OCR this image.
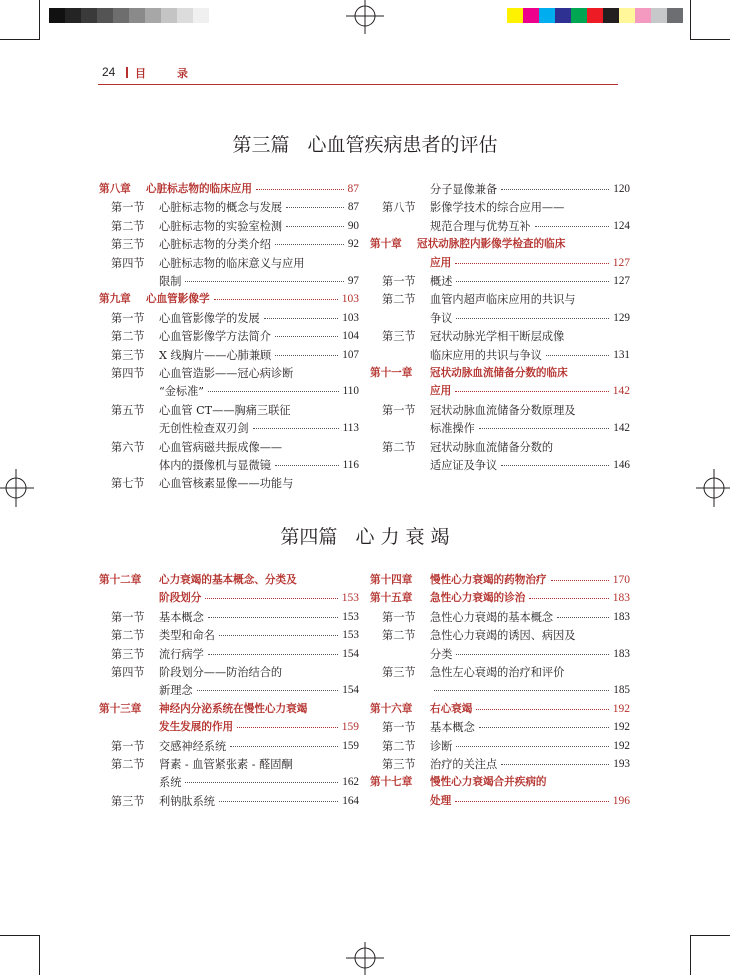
24 目　录
第三篇 心血管疾病患者的评估
第八章 心脏标志物的临床应用	87
第一节 心脏标志物的概念与发展	87
第二节 心脏标志物的实验室检测	90
第三节 心脏标志物的分类介绍	92
第四节 心脏标志物的临床意义与应用
限制	97
第九章 心血管影像学	103
第一节 心血管影像学的发展	103
第二节 心血管影像学方法简介	104
第三节 X 线胸片——心肺兼顾	107
第四节 心血管造影——冠心病诊断
“金标准”	110
第五节 心血管 CT——胸痛三联征
无创性检查双刃剑	113
第六节 心血管病磁共振成像——
体内的摄像机与显微镜	116
第七节 心血管核素显像——功能与
分子显像兼备	120
第八节 影像学技术的综合应用——
规范合理与优势互补	124
第十章 冠状动脉腔内影像学检查的临床
应用	127
第一节 概述	127
第二节 血管内超声临床应用的共识与
争议	129
第三节 冠状动脉光学相干断层成像
临床应用的共识与争议	131
第十一章 冠状动脉血流储备分数的临床
应用	142
第一节 冠状动脉血流储备分数原理及
标准操作	142
第二节 冠状动脉血流储备分数的
适应证及争议	146
第四篇 心 力 衰 竭
第十二章 心力衰竭的基本概念、分类及
阶段划分	153
第一节 基本概念	153
第二节 类型和命名	153
第三节 流行病学	154
第四节 阶段划分——防治结合的
新理念	154
第十三章 神经内分泌系统在慢性心力衰竭
发生发展的作用	159
第一节 交感神经系统	159
第二节 肾素 - 血管紧张素 - 醛固酮
系统	162
第三节 利钠肽系统	164
第十四章 慢性心力衰竭的药物治疗	170
第十五章 急性心力衰竭的诊治	183
第一节 急性心力衰竭的基本概念	183
第二节 急性心力衰竭的诱因、病因及
分类	183
第三节 急性左心衰竭的治疗和评价
185
第十六章 右心衰竭	192
第一节 基本概念	192
第二节 诊断	192
第三节 治疗的关注点	193
第十七章 慢性心力衰竭合并疾病的
处理	196
